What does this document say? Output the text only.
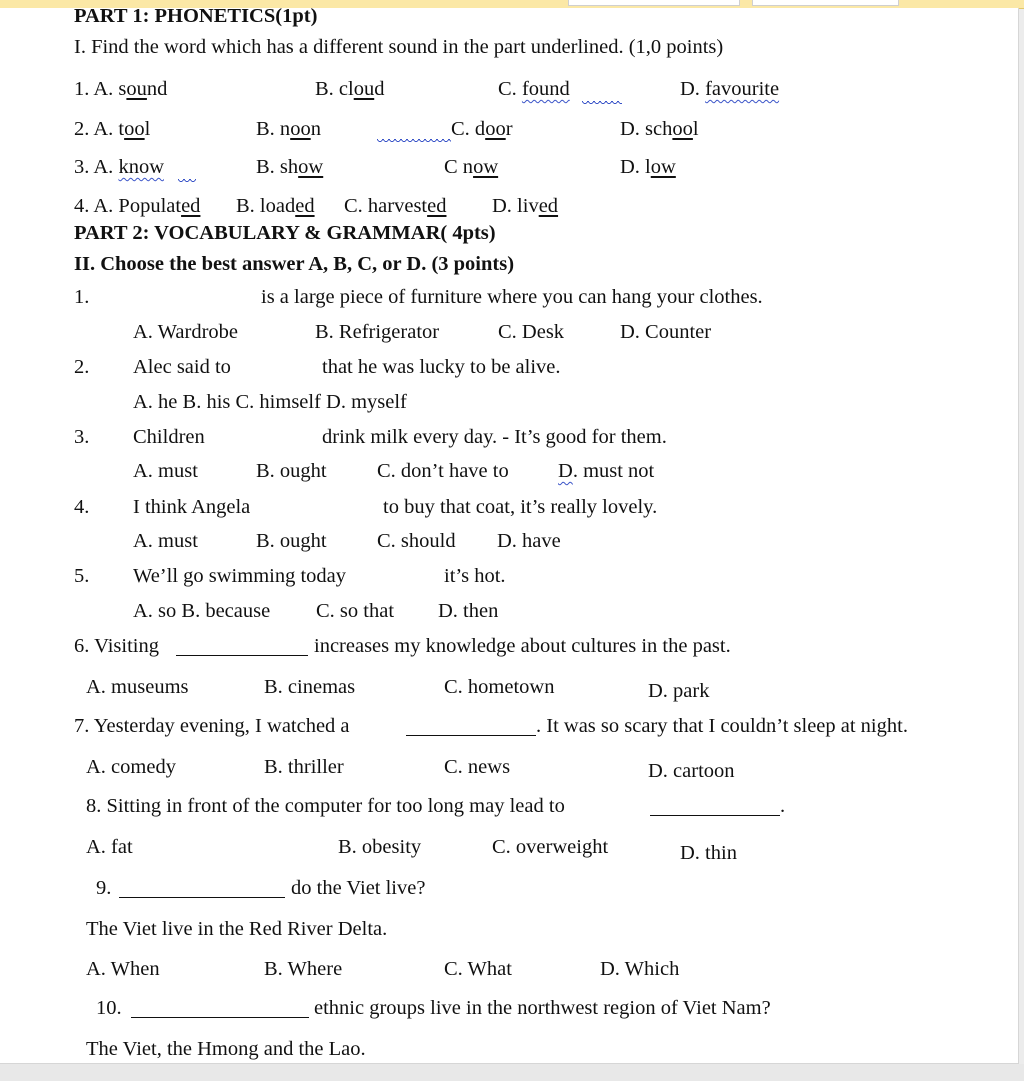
PART 1: PHONETICS(1pt)
I. Find the word which has a different sound in the part underlined. (1,0 points)
1. A. sound	B. cloud	C. found	D. favourite
2. A. tool	B. noon	C. door	D. school
3. A. know	B. show	C now	D. low
4. A. Populated B. loaded C. harvested D. lived
PART 2: VOCABULARY & GRAMMAR( 4pts)
II. Choose the best answer A, B, C, or D. (3 points)
1.	is a large piece of furniture where you can hang your clothes.
A. Wardrobe	B. Refrigerator	C. Desk	D. Counter
2. Alec said to	that he was lucky to be alive.
A. he B. his C. himself D. myself
3. Children	drink milk every day. - It’s good for them.
A. must	B. ought C. don’t have to D. must not
4. I think Angela	to buy that coat, it’s really lovely.
A. must	B. ought C. should D. have
5. We’ll go swimming today	it’s hot.
A. so B. because C. so that D. then
6. Visiting	increases my knowledge about cultures in the past.
A. museums	B. cinemas	C. hometown	D. park
7. Yesterday evening, I watched a	. It was so scary that I couldn’t sleep at night.
A. comedy	B. thriller	C. news	D. cartoon
8. Sitting in front of the computer for too long may lead to	.
A. fat	B. obesity	C. overweight	D. thin
9.	do the Viet live?
The Viet live in the Red River Delta.
A. When	B. Where	C. What	D. Which
10.	ethnic groups live in the northwest region of Viet Nam?
The Viet, the Hmong and the Lao.
